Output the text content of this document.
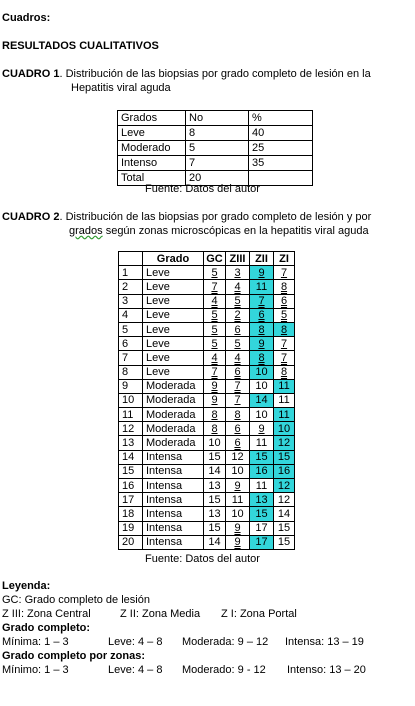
Cuadros:
RESULTADOS CUALITATIVOS
CUADRO 1. Distribución de las biopsias por grado completo de lesión en la
Hepatitis viral aguda
Grados	No	%
Leve	8	40
Moderado	5	25
Intenso	7	35
Total	20	
Fuente: Datos del autor
CUADRO 2. Distribución de las biopsias por grado completo de lesión y por
grados según zonas microscópicas en la hepatitis viral aguda
	Grado	GC	ZIII	ZII	ZI
1	Leve	5	3	9	7
2	Leve	7	4	11	8
3	Leve	4	5	7	6
4	Leve	5	2	6	5
5	Leve	5	6	8	8
6	Leve	5	5	9	7
7	Leve	4	4	8	7
8	Leve	7	6	10	8
9	Moderada	9	7	10	11
10	Moderada	9	7	14	11
11	Moderada	8	8	10	11
12	Moderada	8	6	9	10
13	Moderada	10	6	11	12
14	Intensa	15	12	15	15
15	Intensa	14	10	16	16
16	Intensa	13	9	11	12
17	Intensa	15	11	13	12
18	Intensa	13	10	15	14
19	Intensa	15	9	17	15
20	Intensa	14	9	17	15
Fuente: Datos del autor
Leyenda:
GC: Grado completo de lesión
Z III: Zona Central	Z II: Zona Media Z I: Zona Portal
Grado completo:
Mínima: 1 – 3	Leve: 4 – 8 Moderada: 9 – 12 Intensa: 13 – 19
Grado completo por zonas:
Mínimo: 1 – 3	Leve: 4 – 8 Moderado: 9 - 12 Intenso: 13 – 20
